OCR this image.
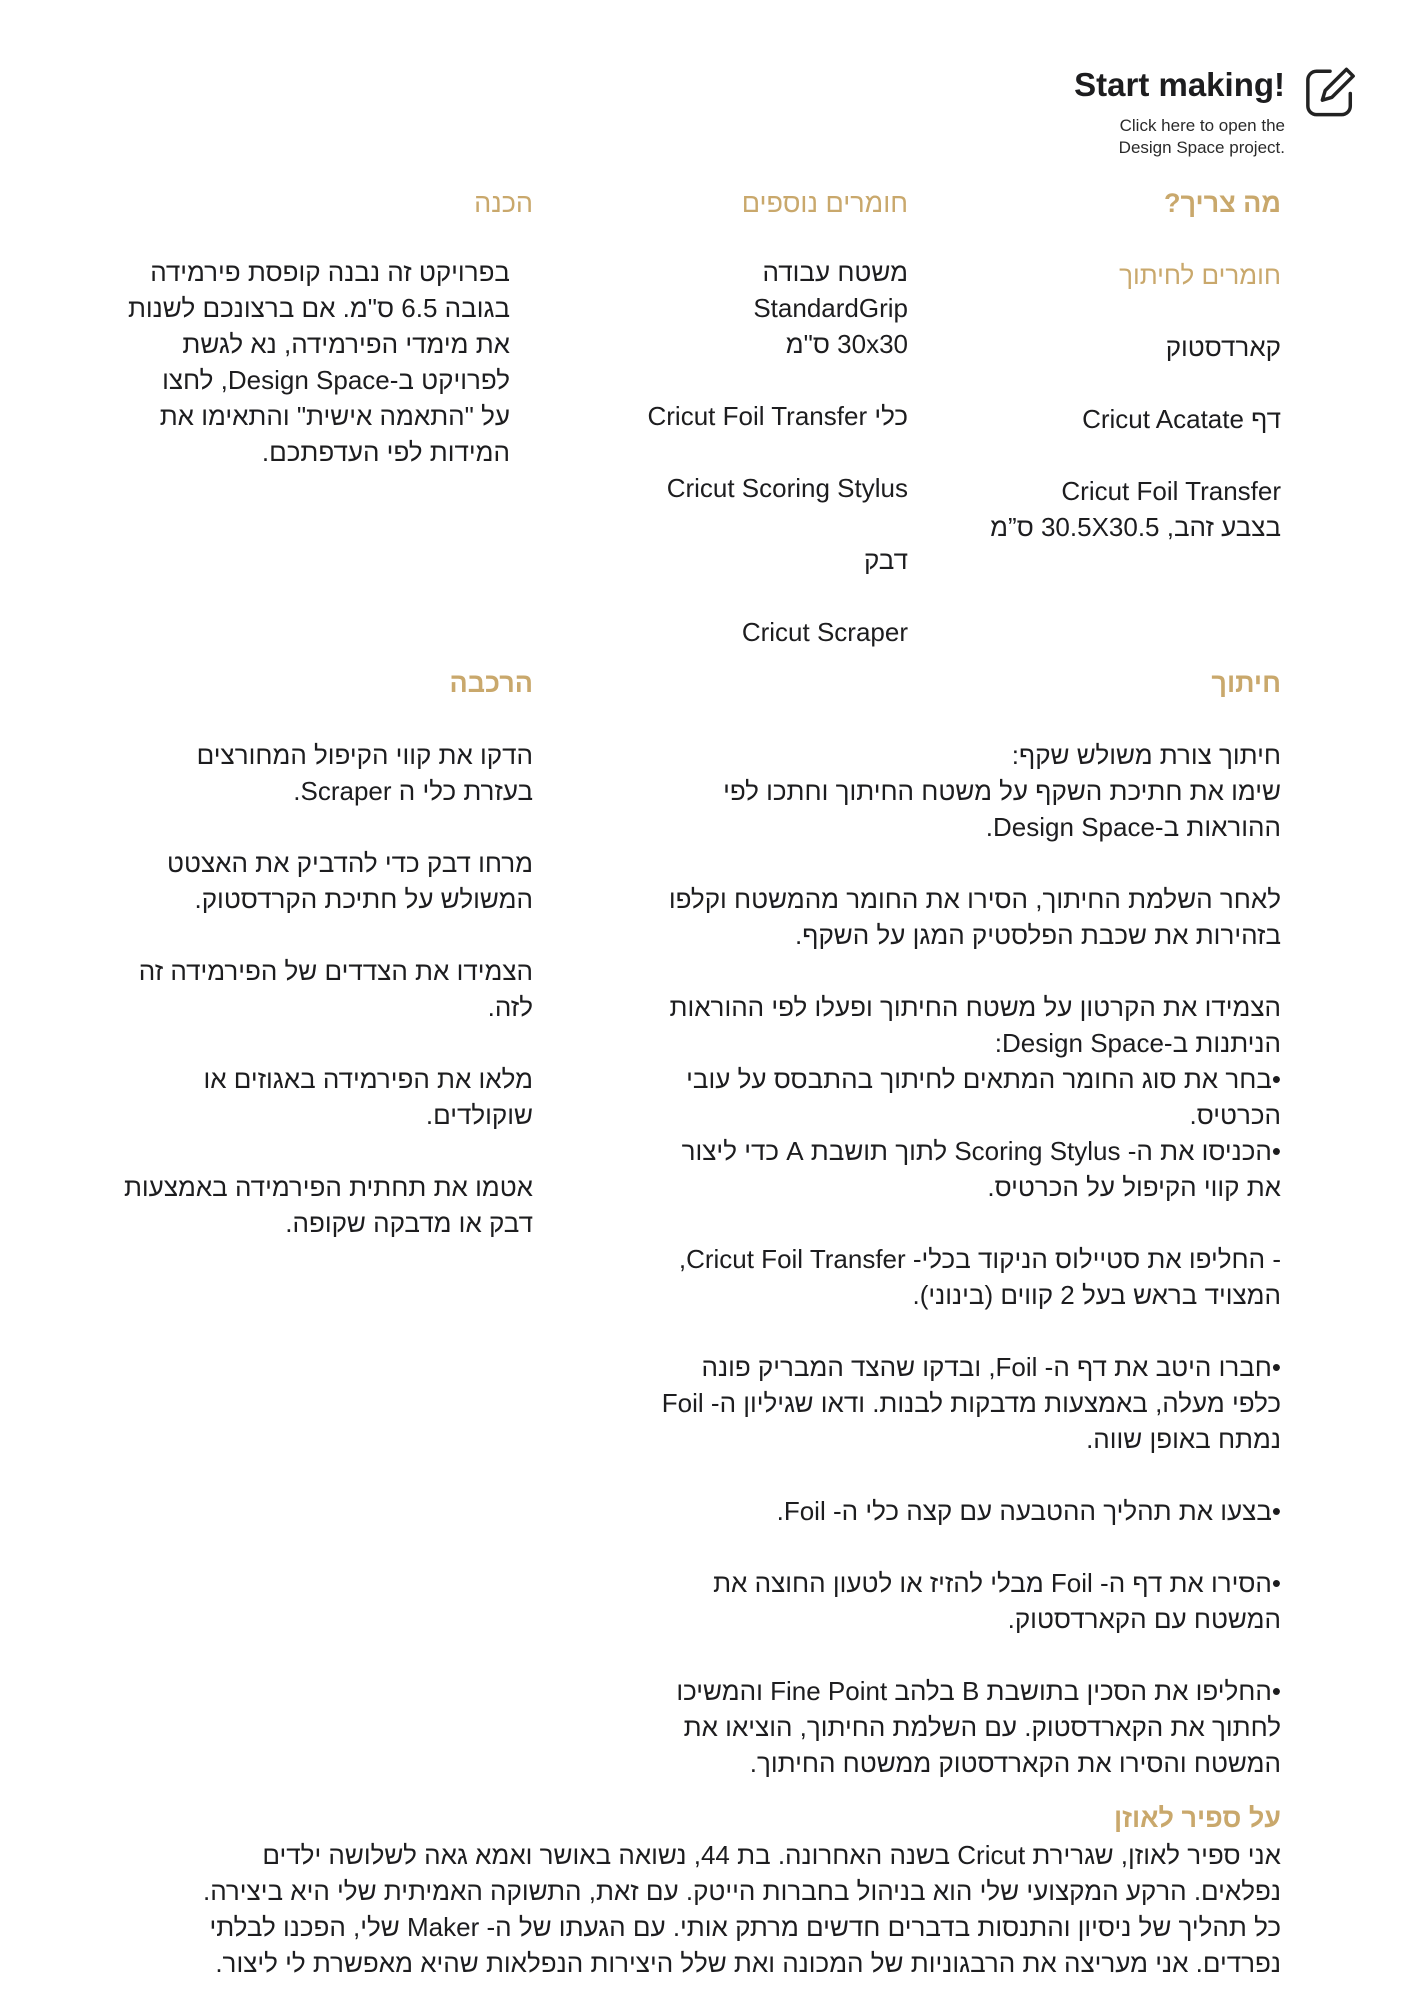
Start making!
Click here to open the
Design Space project.
מה צריך?
חומרים נוספים
הכנה
חומרים לחיתוך
קארדסטוק
דף Cricut Acatate
Cricut Foil Transfer
בצבע זהב, 30.5X30.5 ס”מ
משטח עבודה
StandardGrip
30x30 ס"מ
כלי Cricut Foil Transfer
Cricut Scoring Stylus
דבק
Cricut Scraper
בפרויקט זה נבנה קופסת פירמידה
בגובה 6.5 ס"מ. אם ברצונכם לשנות
את מימדי הפירמידה, נא לגשת
לפרויקט ב-Design Space, לחצו
על "התאמה אישית" והתאימו את
המידות לפי העדפתכם.
חיתוך
הרכבה
חיתוך צורת משולש שקף:
שימו את חתיכת השקף על משטח החיתוך וחתכו לפי
ההוראות ב-Design Space.
לאחר השלמת החיתוך, הסירו את החומר מהמשטח וקלפו
בזהירות את שכבת הפלסטיק המגן על השקף.
הצמידו את הקרטון על משטח החיתוך ופעלו לפי ההוראות
הניתנות ב-Design Space:
•בחר את סוג החומר המתאים לחיתוך בהתבסס על עובי
הכרטיס.
•הכניסו את ה- Scoring Stylus לתוך תושבת A כדי ליצור
את קווי הקיפול על הכרטיס.
- החליפו את סטיילוס הניקוד בכלי- Cricut Foil Transfer,
המצויד בראש בעל 2 קווים (בינוני).
•חברו היטב את דף ה- Foil, ובדקו שהצד המבריק פונה
כלפי מעלה, באמצעות מדבקות לבנות. ודאו שגיליון ה- Foil
נמתח באופן שווה.
•בצעו את תהליך ההטבעה עם קצה כלי ה- Foil.
•הסירו את דף ה- Foil מבלי להזיז או לטעון החוצה את
המשטח עם הקארדסטוק.
•החליפו את הסכין בתושבת B בלהב Fine Point והמשיכו
לחתוך את הקארדסטוק. עם השלמת החיתוך, הוציאו את
המשטח והסירו את הקארדסטוק ממשטח החיתוך.
הדקו את קווי הקיפול המחורצים
בעזרת כלי ה Scraper.
מרחו דבק כדי להדביק את האצטט
המשולש על חתיכת הקרדסטוק.
הצמידו את הצדדים של הפירמידה זה
לזה.
מלאו את הפירמידה באגוזים או
שוקולדים.
אטמו את תחתית הפירמידה באמצעות
דבק או מדבקה שקופה.
על ספיר לאוזן
אני ספיר לאוזן, שגרירת Cricut בשנה האחרונה. בת 44, נשואה באושר ואמא גאה לשלושה ילדים
נפלאים. הרקע המקצועי שלי הוא בניהול בחברות הייטק. עם זאת, התשוקה האמיתית שלי היא ביצירה.
כל תהליך של ניסיון והתנסות בדברים חדשים מרתק אותי. עם הגעתו של ה- Maker שלי, הפכנו לבלתי
נפרדים. אני מעריצה את הרבגוניות של המכונה ואת שלל היצירות הנפלאות שהיא מאפשרת לי ליצור.
